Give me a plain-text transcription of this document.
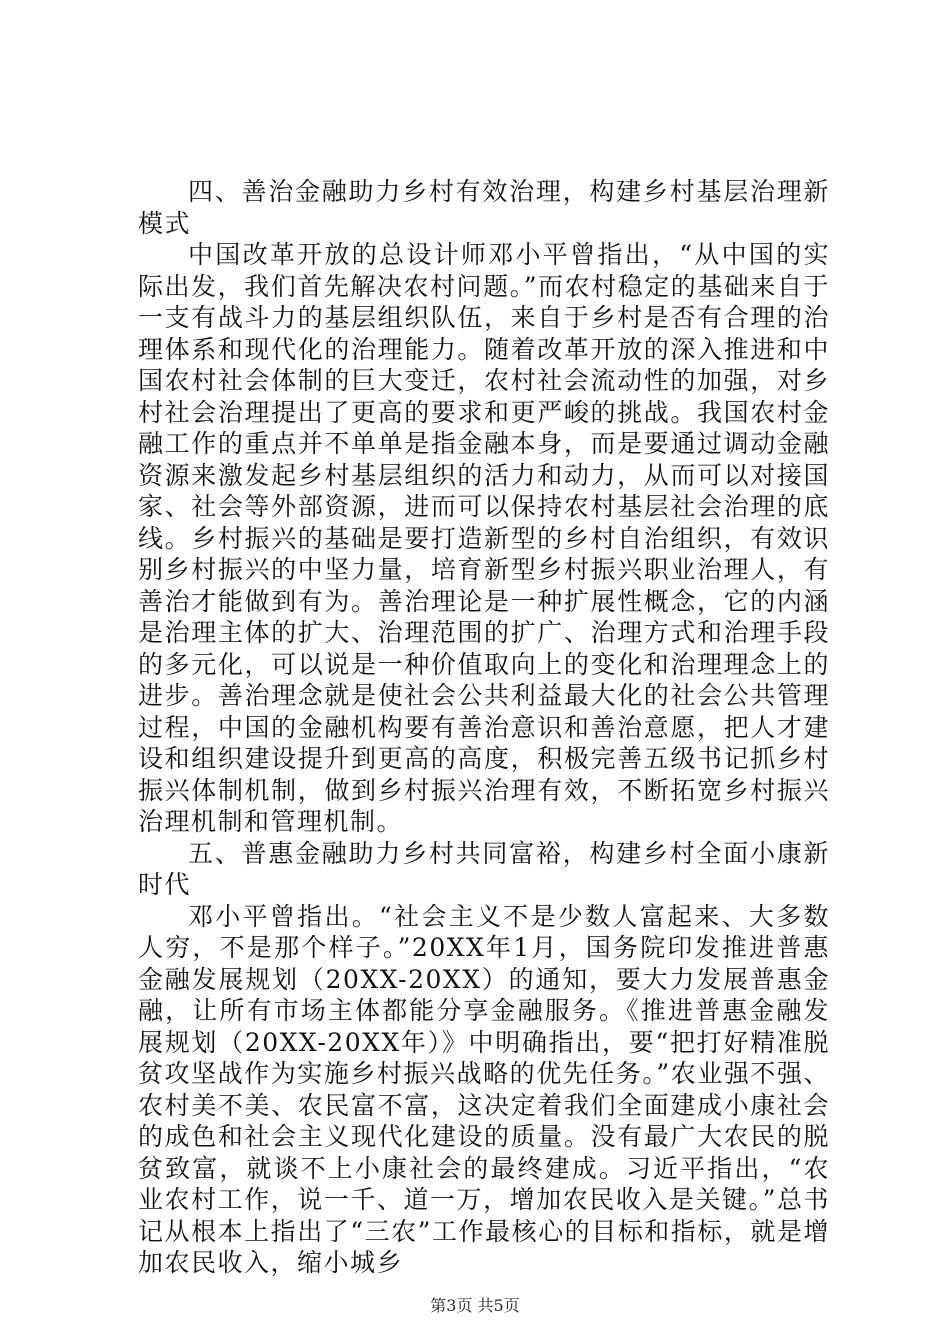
四、善治金融助力乡村有效治理，构建乡村基层治理新模式

中国改革开放的总设计师邓小平曾指出，“从中国的实际出发，我们首先解决农村问题。”而农村稳定的基础来自于一支有战斗力的基层组织队伍，来自于乡村是否有合理的治理体系和现代化的治理能力。随着改革开放的深入推进和中国农村社会体制的巨大变迁，农村社会流动性的加强，对乡村社会治理提出了更高的要求和更严峻的挑战。我国农村金融工作的重点并不单单是指金融本身，而是要通过调动金融资源来激发起乡村基层组织的活力和动力，从而可以对接国家、社会等外部资源，进而可以保持农村基层社会治理的底线。乡村振兴的基础是要打造新型的乡村自治组织，有效识别乡村振兴的中坚力量，培育新型乡村振兴职业治理人，有善治才能做到有为。善治理论是一种扩展性概念，它的内涵是治理主体的扩大、治理范围的扩广、治理方式和治理手段的多元化，可以说是一种价值取向上的变化和治理理念上的进步。善治理念就是使社会公共利益最大化的社会公共管理过程，中国的金融机构要有善治意识和善治意愿，把人才建设和组织建设提升到更高的高度，积极完善五级书记抓乡村振兴体制机制，做到乡村振兴治理有效，不断拓宽乡村振兴治理机制和管理机制。

五、普惠金融助力乡村共同富裕，构建乡村全面小康新时代

邓小平曾指出。“社会主义不是少数人富起来、大多数人穷，不是那个样子。”20XX年1月，国务院印发推进普惠金融发展规划（20XX-20XX）的通知，要大力发展普惠金融，让所有市场主体都能分享金融服务。《推进普惠金融发展规划（20XX-20XX年）》中明确指出，要“把打好精准脱贫攻坚战作为实施乡村振兴战略的优先任务。”农业强不强、农村美不美、农民富不富，这决定着我们全面建成小康社会的成色和社会主义现代化建设的质量。没有最广大农民的脱贫致富，就谈不上小康社会的最终建成。习近平指出，“农业农村工作，说一千、道一万，增加农民收入是关键。”总书记从根本上指出了“三农”工作最核心的目标和指标，就是增加农民收入，缩小城乡

第3页 共5页
